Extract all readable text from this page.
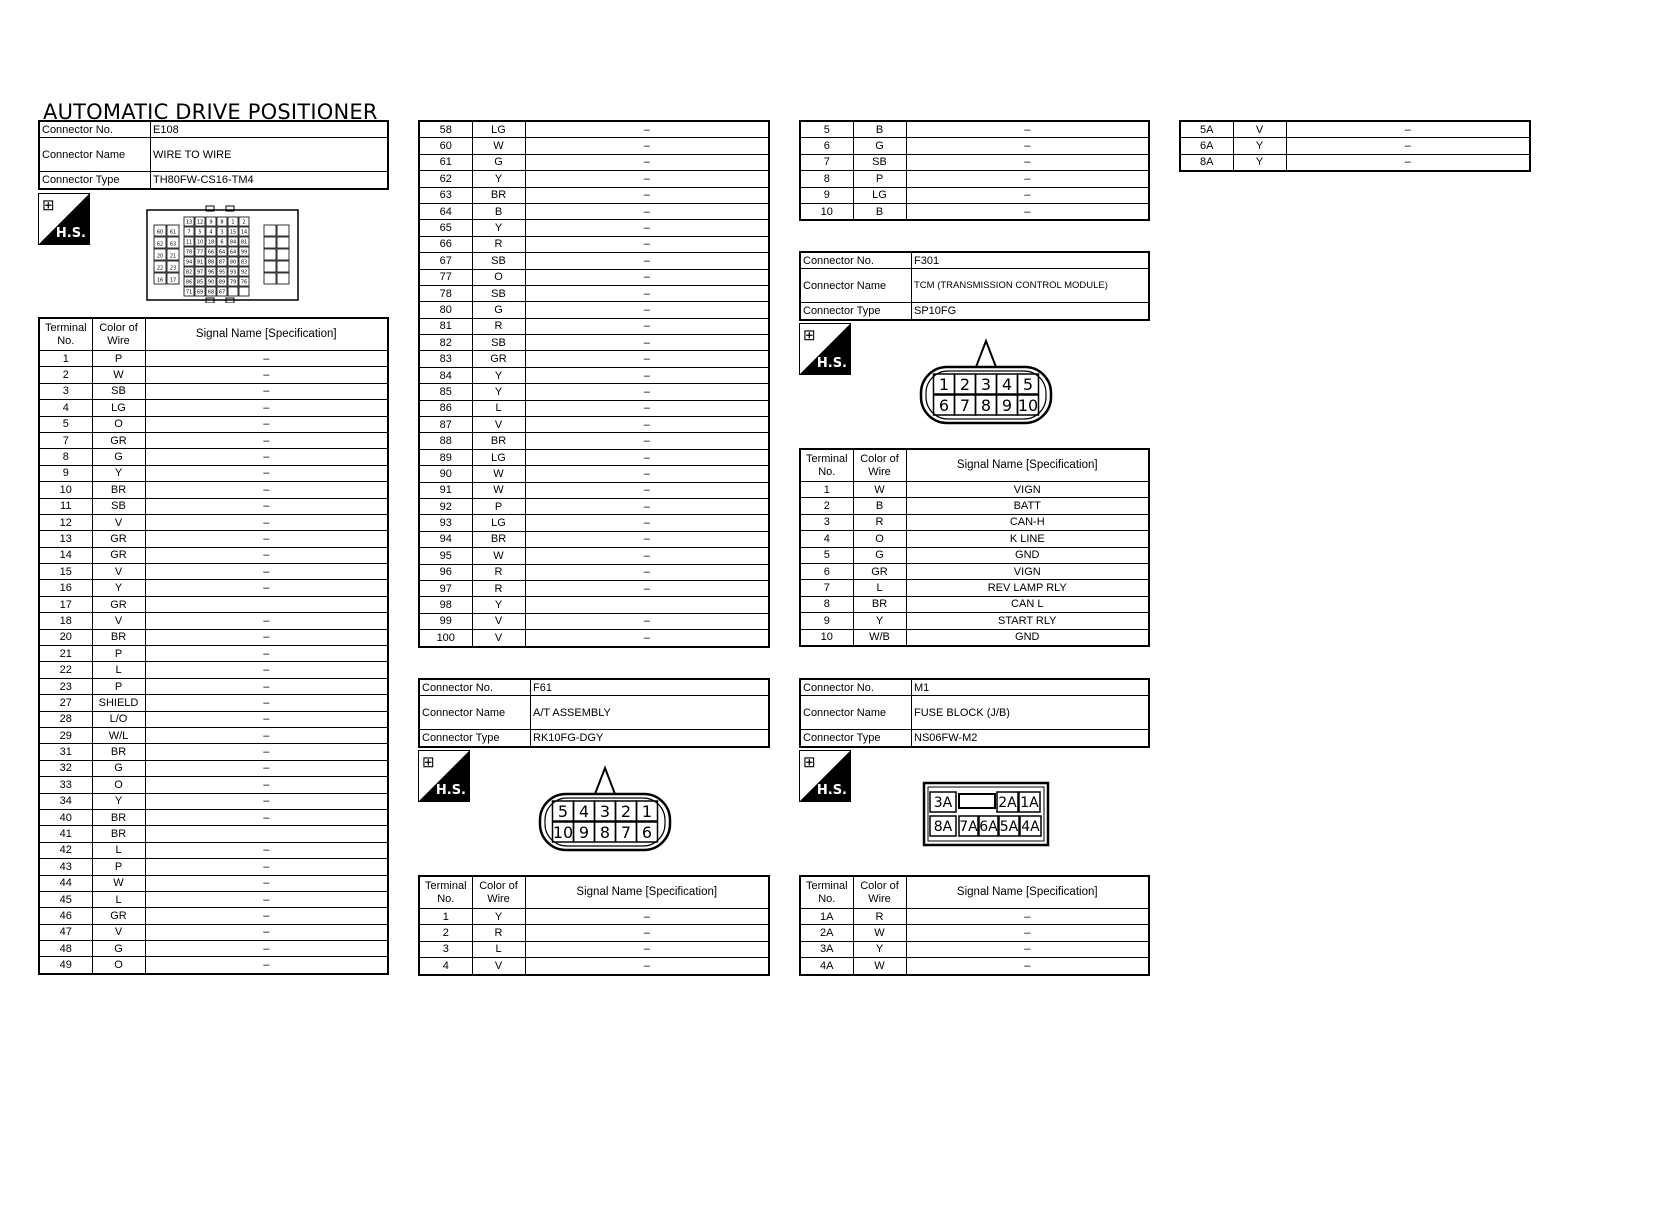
AUTOMATIC DRIVE POSITIONER
Connector No.	E108
Connector Name	WIRE TO WIRE
Connector Type	TH80FW-CS16-TM4
⊞
H.S.	60 61
62 63
20 21
22 23
16 17
13 12 9 8 1 2
7 5 4 3 15 14
11 10 18 6 84 81
78 77 66 64 64 99
94 91 88 87 80 83
82 97 96 95 93 92
86 85 90 89 79 76
71 69 68 67
Terminal No.	Color of Wire	Signal Name [Specification]
1	P	–
2	W	–
3	SB	–
4	LG	–
5	O	–
7	GR	–
8	G	–
9	Y	–
10	BR	–
11	SB	–
12	V	–
13	GR	–
14	GR	–
15	V	–
16	Y	–
17	GR	
18	V	–
20	BR	–
21	P	–
22	L	–
23	P	–
27	SHIELD	–
28	L/O	–
29	W/L	–
31	BR	–
32	G	–
33	O	–
34	Y	–
40	BR	–
41	BR	
42	L	–
43	P	–
44	W	–
45	L	–
46	GR	–
47	V	–
48	G	–
49	O	–
58	LG	–
60	W	–
61	G	–
62	Y	–
63	BR	–
64	B	–
65	Y	–
66	R	–
67	SB	–
77	O	–
78	SB	–
80	G	–
81	R	–
82	SB	–
83	GR	–
84	Y	–
85	Y	–
86	L	–
87	V	–
88	BR	–
89	LG	–
90	W	–
91	W	–
92	P	–
93	LG	–
94	BR	–
95	W	–
96	R	–
97	R	–
98	Y	
99	V	–
100	V	–
Connector No.	F61
Connector Name	A/T ASSEMBLY
Connector Type	RK10FG-DGY
⊞
H.S.
5 4 3 2 1
10 9 8 7 6
Terminal No.	Color of Wire	Signal Name [Specification]
1	Y	–
2	R	–
3	L	–
4	V	–
5	B	–
6	G	–
7	SB	–
8	P	–
9	LG	–
10	B	–
Connector No.	F301
Connector Name	TCM (TRANSMISSION CONTROL MODULE)
Connector Type	SP10FG
⊞
H.S.
1 2 3 4 5
6 7 8 9 10
Terminal No.	Color of Wire	Signal Name [Specification]
1	W	VIGN
2	B	BATT
3	R	CAN-H
4	O	K LINE
5	G	GND
6	GR	VIGN
7	L	REV LAMP RLY
8	BR	CAN L
9	Y	START RLY
10	W/B	GND
Connector No.	M1
Connector Name	FUSE BLOCK (J/B)
Connector Type	NS06FW-M2
⊞
H.S.
3A	2A 1A
8A 7A 6A 5A 4A
Terminal No.	Color of Wire	Signal Name [Specification]
1A	R	–
2A	W	–
3A	Y	–
4A	W	–
5A	V	–
6A	Y	–
8A	Y	–
